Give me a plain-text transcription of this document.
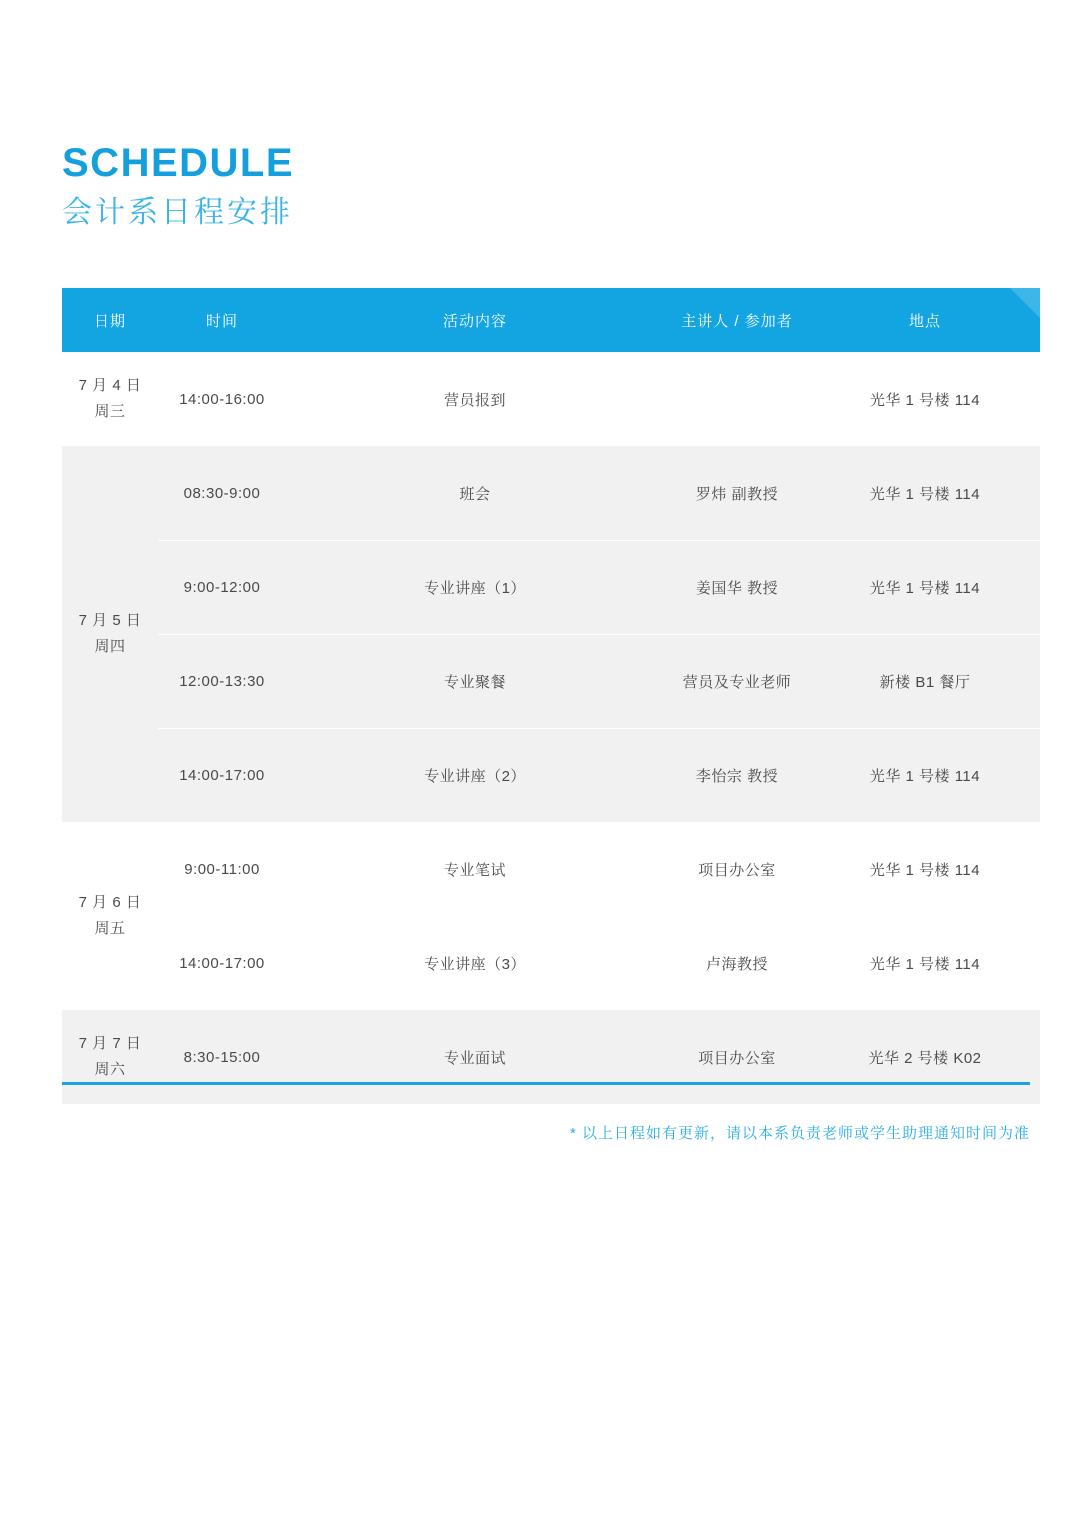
SCHEDULE
会计系日程安排
日期	时间	活动内容	主讲人 / 参加者	地点

7 月 4 日
周三	14:00-16:00	营员报到		光华 1 号楼 114

7 月 5 日
周四	08:30-9:00	班会	罗炜 副教授	光华 1 号楼 114
	9:00-12:00	专业讲座（1）	姜国华 教授	光华 1 号楼 114
	12:00-13:30	专业聚餐	营员及专业老师	新楼 B1 餐厅
	14:00-17:00	专业讲座（2）	李怡宗 教授	光华 1 号楼 114

7 月 6 日
周五	9:00-11:00	专业笔试	项目办公室	光华 1 号楼 114
	14:00-17:00	专业讲座（3）	卢海教授	光华 1 号楼 114

7 月 7 日
周六	8:30-15:00	专业面试	项目办公室	光华 2 号楼 K02
* 以上日程如有更新，请以本系负责老师或学生助理通知时间为准
